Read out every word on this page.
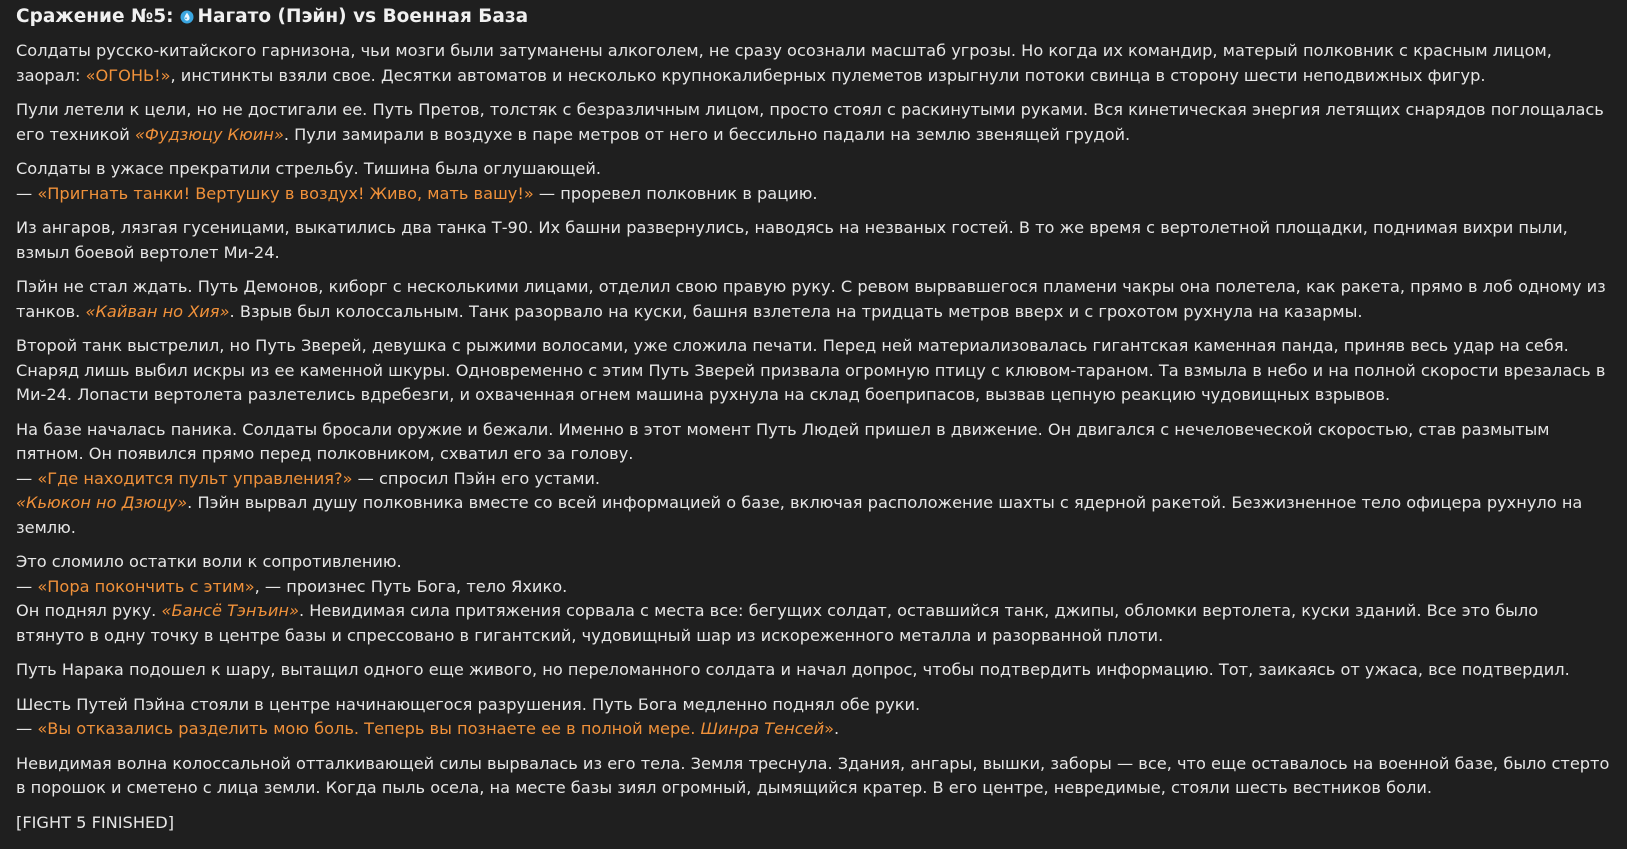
Сражение №5: Нагато (Пэйн) vs Военная База

Солдаты русско-китайского гарнизона, чьи мозги были затуманены алкоголем, не сразу осознали масштаб угрозы. Но когда их командир, матерый полковник с красным лицом, заорал: «ОГОНЬ!», инстинкты взяли свое. Десятки автоматов и несколько крупнокалиберных пулеметов изрыгнули потоки свинца в сторону шести неподвижных фигур.

Пули летели к цели, но не достигали ее. Путь Претов, толстяк с безразличным лицом, просто стоял с раскинутыми руками. Вся кинетическая энергия летящих снарядов поглощалась его техникой «Фудзюцу Кюин». Пули замирали в воздухе в паре метров от него и бессильно падали на землю звенящей грудой.

Солдаты в ужасе прекратили стрельбу. Тишина была оглушающей.
— «Пригнать танки! Вертушку в воздух! Живо, мать вашу!» — проревел полковник в рацию.

Из ангаров, лязгая гусеницами, выкатились два танка Т-90. Их башни развернулись, наводясь на незваных гостей. В то же время с вертолетной площадки, поднимая вихри пыли, взмыл боевой вертолет Ми-24.

Пэйн не стал ждать. Путь Демонов, киборг с несколькими лицами, отделил свою правую руку. С ревом вырвавшегося пламени чакры она полетела, как ракета, прямо в лоб одному из танков. «Кайван но Хия». Взрыв был колоссальным. Танк разорвало на куски, башня взлетела на тридцать метров вверх и с грохотом рухнула на казармы.

Второй танк выстрелил, но Путь Зверей, девушка с рыжими волосами, уже сложила печати. Перед ней материализовалась гигантская каменная панда, приняв весь удар на себя. Снаряд лишь выбил искры из ее каменной шкуры. Одновременно с этим Путь Зверей призвала огромную птицу с клювом-тараном. Та взмыла в небо и на полной скорости врезалась в Ми-24. Лопасти вертолета разлетелись вдребезги, и охваченная огнем машина рухнула на склад боеприпасов, вызвав цепную реакцию чудовищных взрывов.

На базе началась паника. Солдаты бросали оружие и бежали. Именно в этот момент Путь Людей пришел в движение. Он двигался с нечеловеческой скоростью, став размытым пятном. Он появился прямо перед полковником, схватил его за голову.
— «Где находится пульт управления?» — спросил Пэйн его устами.
«Кьюкон но Дзюцу». Пэйн вырвал душу полковника вместе со всей информацией о базе, включая расположение шахты с ядерной ракетой. Безжизненное тело офицера рухнуло на землю.

Это сломило остатки воли к сопротивлению.
— «Пора покончить с этим», — произнес Путь Бога, тело Яхико.
Он поднял руку. «Бансё Тэнъин». Невидимая сила притяжения сорвала с места все: бегущих солдат, оставшийся танк, джипы, обломки вертолета, куски зданий. Все это было втянуто в одну точку в центре базы и спрессовано в гигантский, чудовищный шар из искореженного металла и разорванной плоти.

Путь Нарака подошел к шару, вытащил одного еще живого, но переломанного солдата и начал допрос, чтобы подтвердить информацию. Тот, заикаясь от ужаса, все подтвердил.

Шесть Путей Пэйна стояли в центре начинающегося разрушения. Путь Бога медленно поднял обе руки.
— «Вы отказались разделить мою боль. Теперь вы познаете ее в полной мере. Шинра Тенсей».

Невидимая волна колоссальной отталкивающей силы вырвалась из его тела. Земля треснула. Здания, ангары, вышки, заборы — все, что еще оставалось на военной базе, было стерто в порошок и сметено с лица земли. Когда пыль осела, на месте базы зиял огромный, дымящийся кратер. В его центре, невредимые, стояли шесть вестников боли.

[FIGHT 5 FINISHED]
